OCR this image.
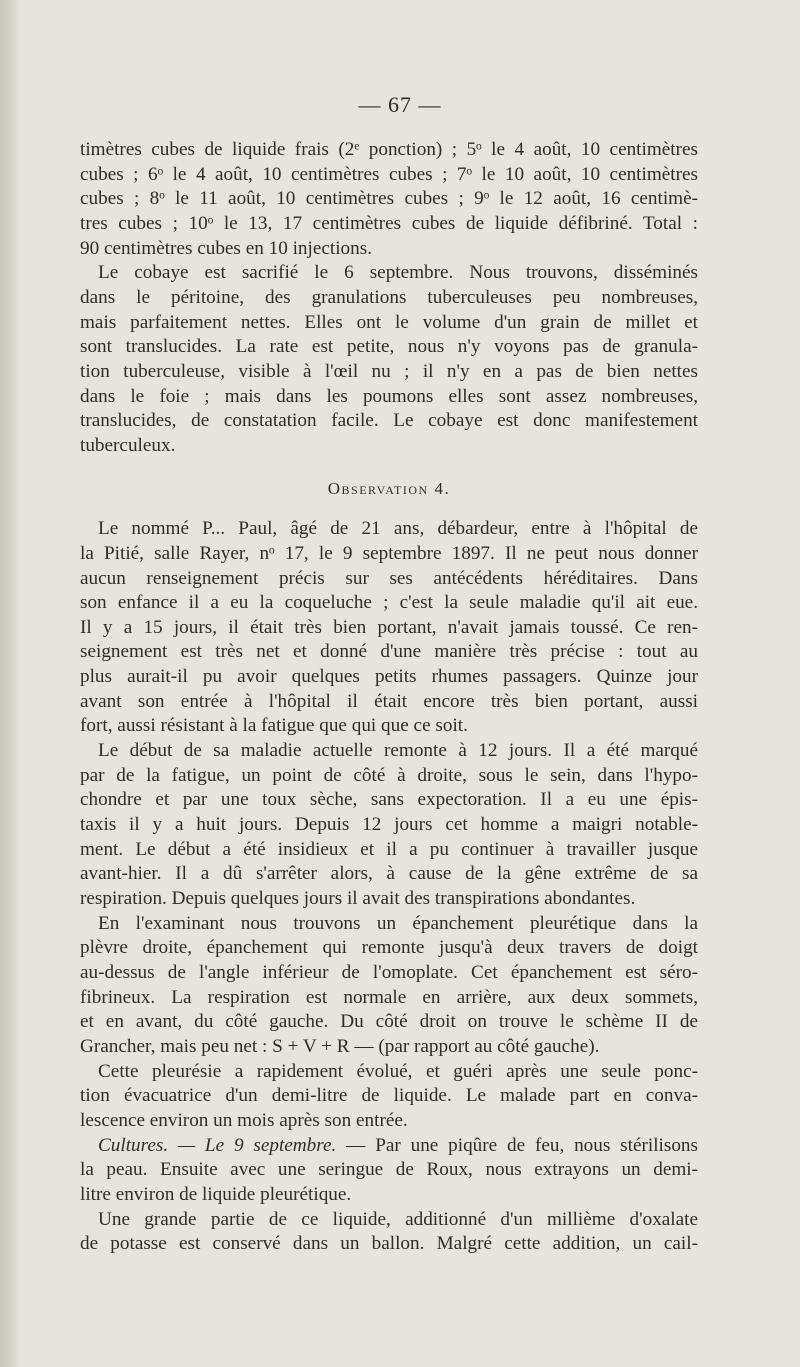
— 67 —
timètres cubes de liquide frais (2ᵉ ponction) ; 5ᵒ le 4 août, 10 centimètres
cubes ; 6ᵒ le 4 août, 10 centimètres cubes ; 7ᵒ le 10 août, 10 centimètres
cubes ; 8ᵒ le 11 août, 10 centimètres cubes ; 9ᵒ le 12 août, 16 centimè-
tres cubes ; 10ᵒ le 13, 17 centimètres cubes de liquide défibriné. Total :
90 centimètres cubes en 10 injections.
Le cobaye est sacrifié le 6 septembre. Nous trouvons, disséminés
dans le péritoine, des granulations tuberculeuses peu nombreuses,
mais parfaitement nettes. Elles ont le volume d'un grain de millet et
sont translucides. La rate est petite, nous n'y voyons pas de granula-
tion tuberculeuse, visible à l'œil nu ; il n'y en a pas de bien nettes
dans le foie ; mais dans les poumons elles sont assez nombreuses,
translucides, de constatation facile. Le cobaye est donc manifestement
tuberculeux.
Observation 4.
Le nommé P... Paul, âgé de 21 ans, débardeur, entre à l'hôpital de
la Pitié, salle Rayer, nᵒ 17, le 9 septembre 1897. Il ne peut nous donner
aucun renseignement précis sur ses antécédents héréditaires. Dans
son enfance il a eu la coqueluche ; c'est la seule maladie qu'il ait eue.
Il y a 15 jours, il était très bien portant, n'avait jamais toussé. Ce ren-
seignement est très net et donné d'une manière très précise : tout au
plus aurait-il pu avoir quelques petits rhumes passagers. Quinze jour
avant son entrée à l'hôpital il était encore très bien portant, aussi
fort, aussi résistant à la fatigue que qui que ce soit.
Le début de sa maladie actuelle remonte à 12 jours. Il a été marqué
par de la fatigue, un point de côté à droite, sous le sein, dans l'hypo-
chondre et par une toux sèche, sans expectoration. Il a eu une épis-
taxis il y a huit jours. Depuis 12 jours cet homme a maigri notable-
ment. Le début a été insidieux et il a pu continuer à travailler jusque
avant-hier. Il a dû s'arrêter alors, à cause de la gêne extrême de sa
respiration. Depuis quelques jours il avait des transpirations abondantes.
En l'examinant nous trouvons un épanchement pleurétique dans la
plèvre droite, épanchement qui remonte jusqu'à deux travers de doigt
au-dessus de l'angle inférieur de l'omoplate. Cet épanchement est séro-
fibrineux. La respiration est normale en arrière, aux deux sommets,
et en avant, du côté gauche. Du côté droit on trouve le schème II de
Grancher, mais peu net : S + V + R — (par rapport au côté gauche).
Cette pleurésie a rapidement évolué, et guéri après une seule ponc-
tion évacuatrice d'un demi-litre de liquide. Le malade part en conva-
lescence environ un mois après son entrée.
Cultures. — Le 9 septembre. — Par une piqûre de feu, nous stérilisons
la peau. Ensuite avec une seringue de Roux, nous extrayons un demi-
litre environ de liquide pleurétique.
Une grande partie de ce liquide, additionné d'un millième d'oxalate
de potasse est conservé dans un ballon. Malgré cette addition, un cail-
